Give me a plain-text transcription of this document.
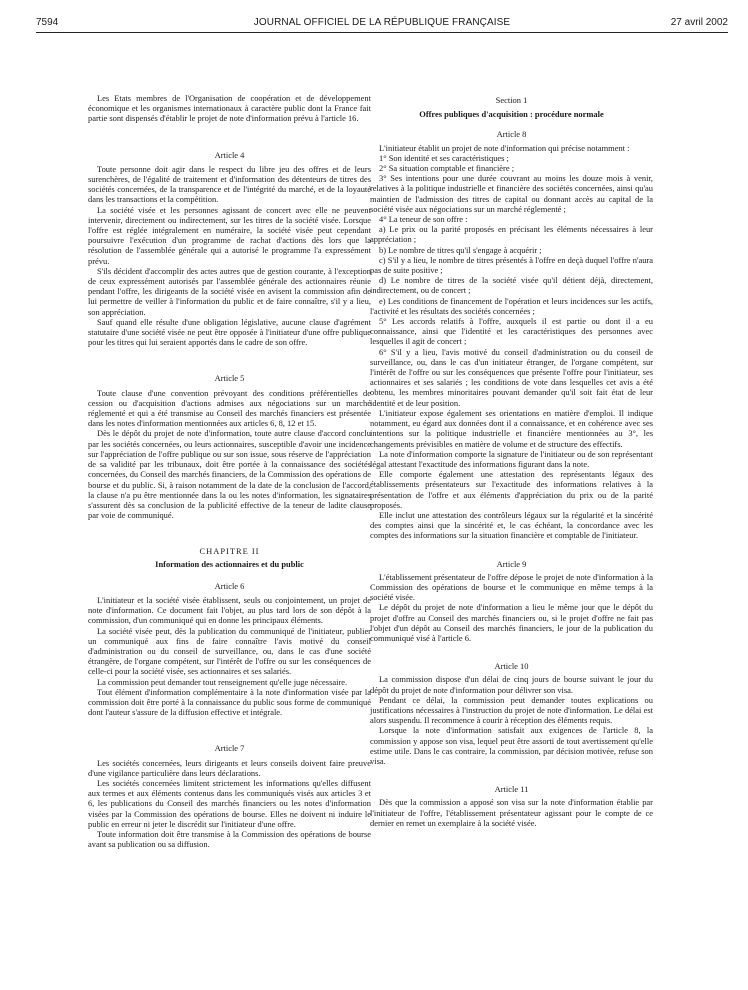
7594	JOURNAL OFFICIEL DE LA RÉPUBLIQUE FRANÇAISE	27 avril 2002

Les Etats membres de l'Organisation de coopération et de développement économique et les organismes internationaux à caractère public dont la France fait partie sont dispensés d'établir le projet de note d'information prévu à l'article 16.

Article 4

Toute personne doit agir dans le respect du libre jeu des offres et de leurs surenchères, de l'égalité de traitement et d'information des détenteurs de titres des sociétés concernées, de la transparence et de l'intégrité du marché, et de la loyauté dans les transactions et la compétition.

La société visée et les personnes agissant de concert avec elle ne peuvent intervenir, directement ou indirectement, sur les titres de la société visée. Lorsque l'offre est réglée intégralement en numéraire, la société visée peut cependant poursuivre l'exécution d'un programme de rachat d'actions dès lors que la résolution de l'assemblée générale qui a autorisé le programme l'a expressément prévu.

S'ils décident d'accomplir des actes autres que de gestion courante, à l'exception de ceux expressément autorisés par l'assemblée générale des actionnaires réunie pendant l'offre, les dirigeants de la société visée en avisent la commission afin de lui permettre de veiller à l'information du public et de faire connaître, s'il y a lieu, son appréciation.

Sauf quand elle résulte d'une obligation législative, aucune clause d'agrément statutaire d'une société visée ne peut être opposée à l'initiateur d'une offre publique pour les titres qui lui seraient apportés dans le cadre de son offre.

Article 5

Toute clause d'une convention prévoyant des conditions préférentielles de cession ou d'acquisition d'actions admises aux négociations sur un marché réglementé et qui a été transmise au Conseil des marchés financiers est présentée dans les notes d'information mentionnées aux articles 6, 8, 12 et 15.

Dès le dépôt du projet de note d'information, toute autre clause d'accord conclu par les sociétés concernées, ou leurs actionnaires, susceptible d'avoir une incidence sur l'appréciation de l'offre publique ou sur son issue, sous réserve de l'appréciation de sa validité par les tribunaux, doit être portée à la connaissance des sociétés concernées, du Conseil des marchés financiers, de la Commission des opérations de bourse et du public. Si, à raison notamment de la date de la conclusion de l'accord, la clause n'a pu être mentionnée dans la ou les notes d'information, les signataires s'assurent dès sa conclusion de la publicité effective de la teneur de ladite clause par voie de communiqué.

CHAPITRE II

Information des actionnaires et du public

Article 6

L'initiateur et la société visée établissent, seuls ou conjointement, un projet de note d'information. Ce document fait l'objet, au plus tard lors de son dépôt à la commission, d'un communiqué qui en donne les principaux éléments.

La société visée peut, dès la publication du communiqué de l'initiateur, publier un communiqué aux fins de faire connaître l'avis motivé du conseil d'administration ou du conseil de surveillance, ou, dans le cas d'une société étrangère, de l'organe compétent, sur l'intérêt de l'offre ou sur les conséquences de celle-ci pour la société visée, ses actionnaires et ses salariés.

La commission peut demander tout renseignement qu'elle juge nécessaire.

Tout élément d'information complémentaire à la note d'information visée par la commission doit être porté à la connaissance du public sous forme de communiqué dont l'auteur s'assure de la diffusion effective et intégrale.

Article 7

Les sociétés concernées, leurs dirigeants et leurs conseils doivent faire preuve d'une vigilance particulière dans leurs déclarations.

Les sociétés concernées limitent strictement les informations qu'elles diffusent aux termes et aux éléments contenus dans les communiqués visés aux articles 3 et 6, les publications du Conseil des marchés financiers ou les notes d'information visées par la Commission des opérations de bourse. Elles ne doivent ni induire le public en erreur ni jeter le discrédit sur l'initiateur d'une offre.

Toute information doit être transmise à la Commission des opérations de bourse avant sa publication ou sa diffusion.

Section 1

Offres publiques d'acquisition : procédure normale

Article 8

L'initiateur établit un projet de note d'information qui précise notamment :

1° Son identité et ses caractéristiques ;

2° Sa situation comptable et financière ;

3° Ses intentions pour une durée couvrant au moins les douze mois à venir, relatives à la politique industrielle et financière des sociétés concernées, ainsi qu'au maintien de l'admission des titres de capital ou donnant accès au capital de la société visée aux négociations sur un marché réglementé ;

4° La teneur de son offre :

a) Le prix ou la parité proposés en précisant les éléments nécessaires à leur appréciation ;

b) Le nombre de titres qu'il s'engage à acquérir ;

c) S'il y a lieu, le nombre de titres présentés à l'offre en deçà duquel l'offre n'aura pas de suite positive ;

d) Le nombre de titres de la société visée qu'il détient déjà, directement, indirectement, ou de concert ;

e) Les conditions de financement de l'opération et leurs incidences sur les actifs, l'activité et les résultats des sociétés concernées ;

5° Les accords relatifs à l'offre, auxquels il est partie ou dont il a eu connaissance, ainsi que l'identité et les caractéristiques des personnes avec lesquelles il agit de concert ;

6° S'il y a lieu, l'avis motivé du conseil d'administration ou du conseil de surveillance, ou, dans le cas d'un initiateur étranger, de l'organe compétent, sur l'intérêt de l'offre ou sur les conséquences que présente l'offre pour l'initiateur, ses actionnaires et ses salariés ; les conditions de vote dans lesquelles cet avis a été obtenu, les membres minoritaires pouvant demander qu'il soit fait état de leur identité et de leur position.

L'initiateur expose également ses orientations en matière d'emploi. Il indique notamment, eu égard aux données dont il a connaissance, et en cohérence avec ses intentions sur la politique industrielle et financière mentionnées au 3°, les changements prévisibles en matière de volume et de structure des effectifs.

La note d'information comporte la signature de l'initiateur ou de son représentant légal attestant l'exactitude des informations figurant dans la note.

Elle comporte également une attestation des représentants légaux des établissements présentateurs sur l'exactitude des informations relatives à la présentation de l'offre et aux éléments d'appréciation du prix ou de la parité proposés.

Elle inclut une attestation des contrôleurs légaux sur la régularité et la sincérité des comptes ainsi que la sincérité et, le cas échéant, la concordance avec les comptes des informations sur la situation financière et comptable de l'initiateur.

Article 9

L'établissement présentateur de l'offre dépose le projet de note d'information à la Commission des opérations de bourse et le communique en même temps à la société visée.

Le dépôt du projet de note d'information a lieu le même jour que le dépôt du projet d'offre au Conseil des marchés financiers ou, si le projet d'offre ne fait pas l'objet d'un dépôt au Conseil des marchés financiers, le jour de la publication du communiqué visé à l'article 6.

Article 10

La commission dispose d'un délai de cinq jours de bourse suivant le jour du dépôt du projet de note d'information pour délivrer son visa.

Pendant ce délai, la commission peut demander toutes explications ou justifications nécessaires à l'instruction du projet de note d'information. Le délai est alors suspendu. Il recommence à courir à réception des éléments requis.

Lorsque la note d'information satisfait aux exigences de l'article 8, la commission y appose son visa, lequel peut être assorti de tout avertissement qu'elle estime utile. Dans le cas contraire, la commission, par décision motivée, refuse son visa.

Article 11

Dès que la commission a apposé son visa sur la note d'information établie par l'initiateur de l'offre, l'établissement présentateur agissant pour le compte de ce dernier en remet un exemplaire à la société visée.
